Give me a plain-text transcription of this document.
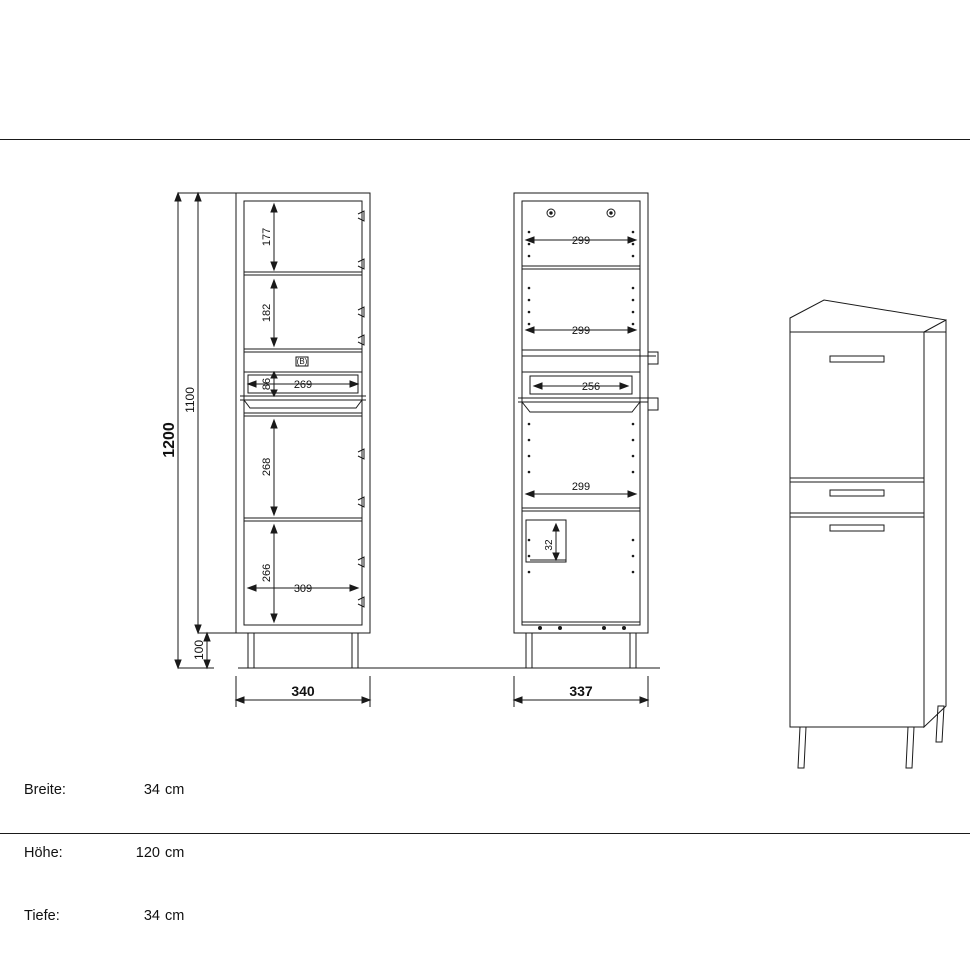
1200
1100
100
177
182
86
268
266
269
309
(B)
340
299
299
256
299
32
337

Breite:	34 cm

Höhe:	120 cm

Tiefe:	34 cm
